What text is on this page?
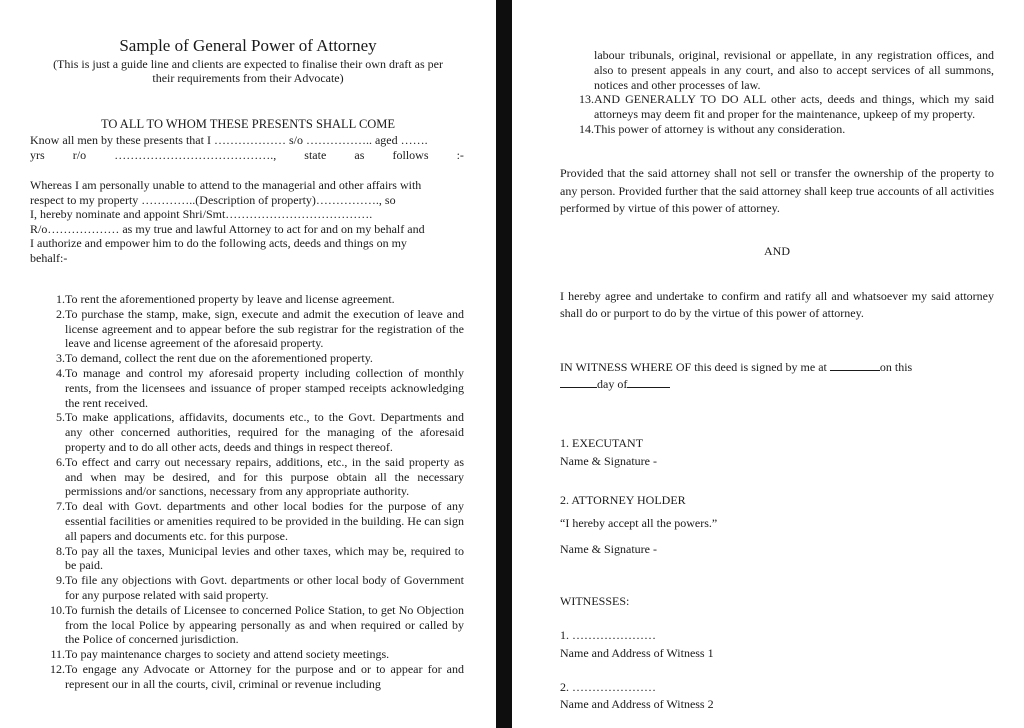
Sample of General Power of Attorney
(This is just a guide line and clients are expected to finalise their own draft as per
their requirements from their Advocate)
TO ALL TO WHOM THESE PRESENTS SHALL COME
Know all men by these presents that I ……………… s/o …………….. aged …….
yrs r/o …………………………………., state as follows :-
Whereas I am personally unable to attend to the managerial and other affairs with
respect to my property …………..(Description of property)……………., so
I, hereby nominate and appoint Shri/Smt……………………………….
R/o……………… as my true and lawful Attorney to act for and on my behalf and
I authorize and empower him to do the following acts, deeds and things on my
behalf:-
1. To rent the aforementioned property by leave and license agreement.
2. To purchase the stamp, make, sign, execute and admit the execution of leave and license agreement and to appear before the sub registrar for the registration of the leave and license agreement of the aforesaid property.
3. To demand, collect the rent due on the aforementioned property.
4. To manage and control my aforesaid property including collection of monthly rents, from the licensees and issuance of proper stamped receipts acknowledging the rent received.
5. To make applications, affidavits, documents etc., to the Govt. Departments and any other concerned authorities, required for the managing of the aforesaid property and to do all other acts, deeds and things in respect thereof.
6. To effect and carry out necessary repairs, additions, etc., in the said property as and when may be desired, and for this purpose obtain all the necessary permissions and/or sanctions, necessary from any appropriate authority.
7. To deal with Govt. departments and other local bodies for the purpose of any essential facilities or amenities required to be provided in the building. He can sign all papers and documents etc. for this purpose.
8. To pay all the taxes, Municipal levies and other taxes, which may be, required to be paid.
9. To file any objections with Govt. departments or other local body of Government for any purpose related with said property.
10. To furnish the details of Licensee to concerned Police Station, to get No Objection from the local Police by appearing personally as and when required or called by the Police of concerned jurisdiction.
11. To pay maintenance charges to society and attend society meetings.
12. To engage any Advocate or Attorney for the purpose and or to appear for and represent our in all the courts, civil, criminal or revenue including
labour tribunals, original, revisional or appellate, in any registration offices, and also to present appeals in any court, and also to accept services of all summons, notices and other processes of law.
13. AND GENERALLY TO DO ALL other acts, deeds and things, which my said attorneys may deem fit and proper for the maintenance, upkeep of my property.
14. This power of attorney is without any consideration.
Provided that the said attorney shall not sell or transfer the ownership of the property to any person. Provided further that the said attorney shall keep true accounts of all activities performed by virtue of this power of attorney.
AND
I hereby agree and undertake to confirm and ratify all and whatsoever my said attorney shall do or purport to do by the virtue of this power of attorney.
IN WITNESS WHERE OF this deed is signed by me at	on this
day of
1. EXECUTANT
Name & Signature -
2. ATTORNEY HOLDER
“I hereby accept all the powers.”
Name & Signature -
WITNESSES:
1. …………………
Name and Address of Witness 1
2. …………………
Name and Address of Witness 2
